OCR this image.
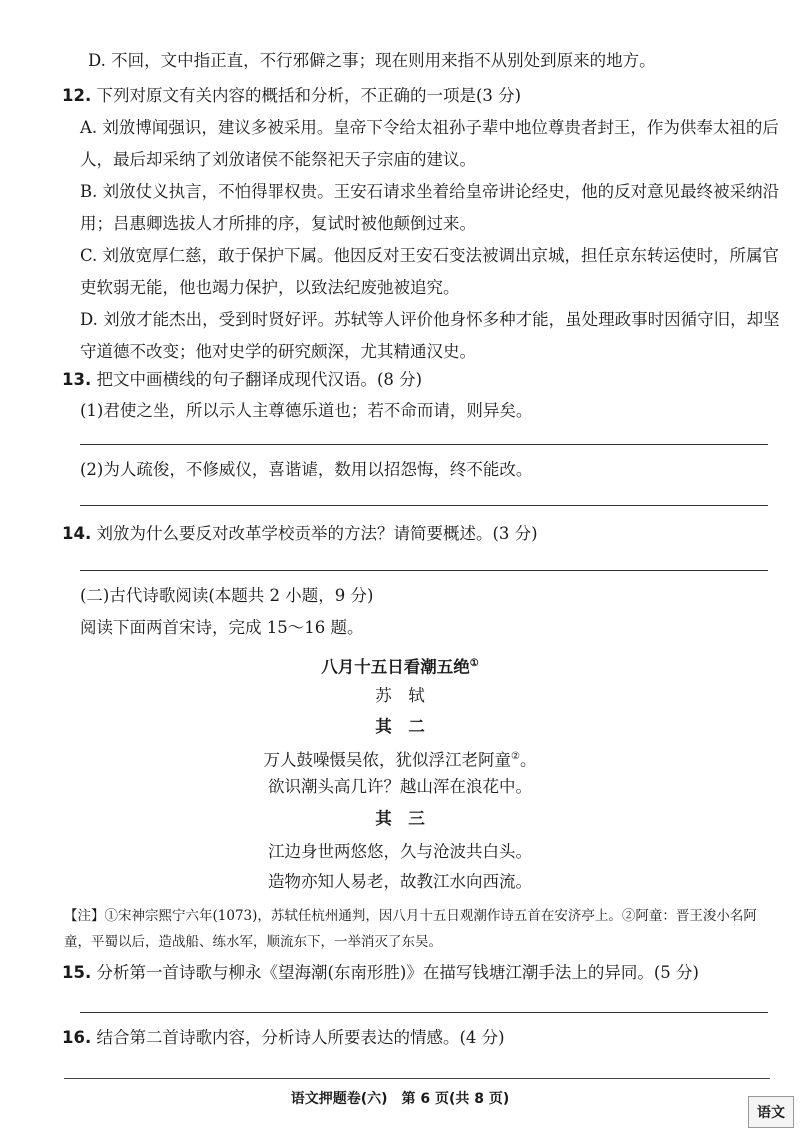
D. 不回，文中指正直，不行邪僻之事；现在则用来指不从别处到原来的地方。
12. 下列对原文有关内容的概括和分析，不正确的一项是(3 分)
A. 刘攽博闻强识，建议多被采用。皇帝下令给太祖孙子辈中地位尊贵者封王，作为供奉太祖的后
人，最后却采纳了刘攽诸侯不能祭祀天子宗庙的建议。
B. 刘攽仗义执言，不怕得罪权贵。王安石请求坐着给皇帝讲论经史，他的反对意见最终被采纳沿
用；吕惠卿选拔人才所排的序，复试时被他颠倒过来。
C. 刘攽宽厚仁慈，敢于保护下属。他因反对王安石变法被调出京城，担任京东转运使时，所属官
吏软弱无能，他也竭力保护，以致法纪废弛被追究。
D. 刘攽才能杰出，受到时贤好评。苏轼等人评价他身怀多种才能，虽处理政事时因循守旧，却坚
守道德不改变；他对史学的研究颇深，尤其精通汉史。
13. 把文中画横线的句子翻译成现代汉语。(8 分)
(1)君使之坐，所以示人主尊德乐道也；若不命而请，则异矣。
(2)为人疏俊，不修威仪，喜谐谑，数用以招怨悔，终不能改。
14. 刘攽为什么要反对改革学校贡举的方法？请简要概述。(3 分)
(二)古代诗歌阅读(本题共 2 小题，9 分)
阅读下面两首宋诗，完成 15～16 题。
八月十五日看潮五绝①
苏　轼
其　二
万人鼓噪慑吴侬，犹似浮江老阿童②。
欲识潮头高几许？越山浑在浪花中。
其　三
江边身世两悠悠，久与沧波共白头。
造物亦知人易老，故教江水向西流。
【注】①宋神宗熙宁六年(1073)，苏轼任杭州通判，因八月十五日观潮作诗五首在安济亭上。②阿童：晋王浚小名阿
童，平蜀以后，造战船、练水军，顺流东下，一举消灭了东吴。
15. 分析第一首诗歌与柳永《望海潮(东南形胜)》在描写钱塘江潮手法上的异同。(5 分)
16. 结合第二首诗歌内容，分析诗人所要表达的情感。(4 分)
语文押题卷(六)　第 6 页(共 8 页)
语文
